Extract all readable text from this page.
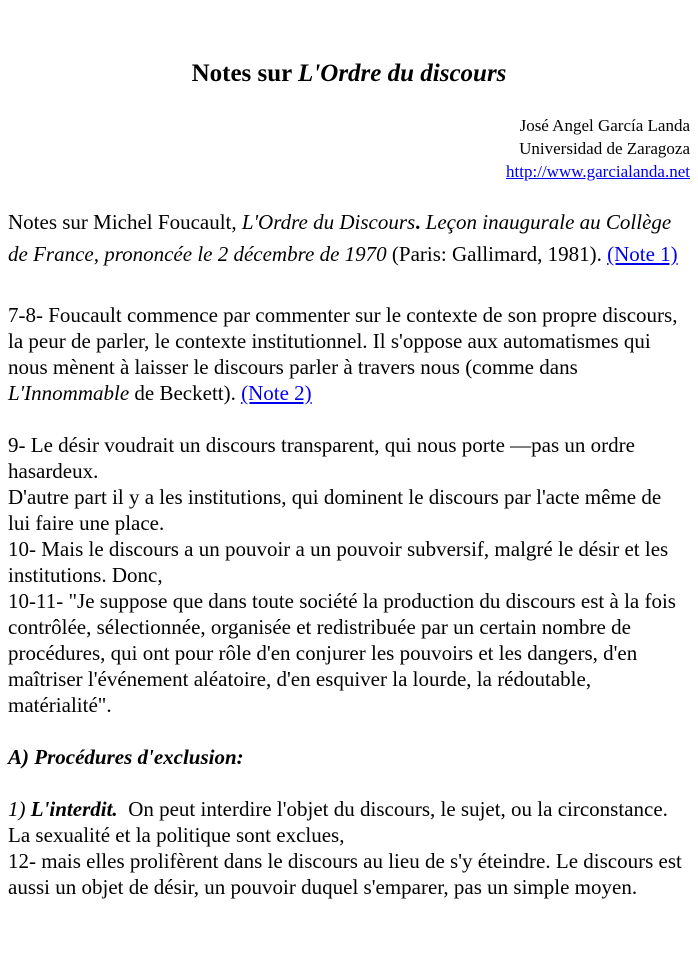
Notes sur L'Ordre du discours
José Angel García Landa
Universidad de Zaragoza
http://www.garcialanda.net

Notes sur Michel Foucault, L'Ordre du Discours. Leçon inaugurale au Collège de France, prononcée le 2 décembre de 1970 (Paris: Gallimard, 1981). (Note 1)

7-8- Foucault commence par commenter sur le contexte de son propre discours, la peur de parler, le contexte institutionnel. Il s'oppose aux automatismes qui nous mènent à laisser le discours parler à travers nous (comme dans L'Innommable de Beckett). (Note 2)

9- Le désir voudrait un discours transparent, qui nous porte —pas un ordre hasardeux.

D'autre part il y a les institutions, qui dominent le discours par l'acte même de lui faire une place.

10- Mais le discours a un pouvoir a un pouvoir subversif, malgré le désir et les institutions. Donc,

10-11- "Je suppose que dans toute société la production du discours est à la fois contrôlée, sélectionnée, organisée et redistribuée par un certain nombre de procédures, qui ont pour rôle d'en conjurer les pouvoirs et les dangers, d'en maîtriser l'événement aléatoire, d'en esquiver la lourde, la rédoutable, matérialité".

A) Procédures d'exclusion:

1) L'interdit.  On peut interdire l'objet du discours, le sujet, ou la circonstance. La sexualité et la politique sont exclues,

12- mais elles prolifèrent dans le discours au lieu de s'y éteindre. Le discours est aussi un objet de désir, un pouvoir duquel s'emparer, pas un simple moyen.
